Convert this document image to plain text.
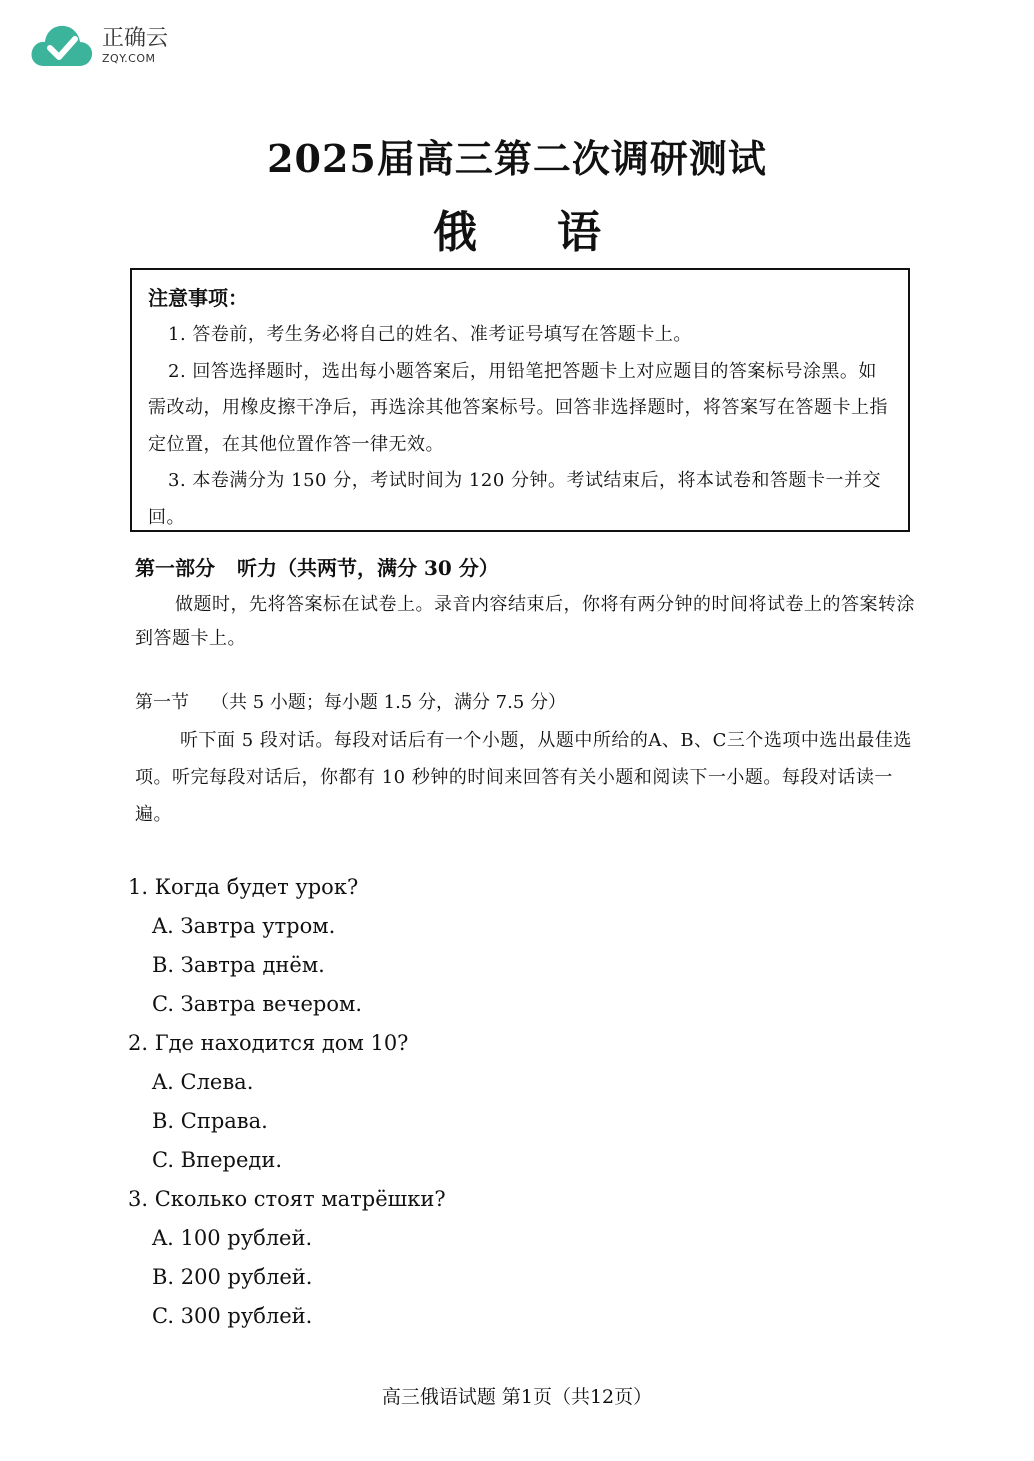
正确云
ZQY.COM
2025届高三第二次调研测试
俄语
注意事项：

1. 答卷前，考生务必将自己的姓名、准考证号填写在答题卡上。

2. 回答选择题时，选出每小题答案后，用铅笔把答题卡上对应题目的答案标号涂黑。如需改动，用橡皮擦干净后，再选涂其他答案标号。回答非选择题时，将答案写在答题卡上指定位置，在其他位置作答一律无效。

3. 本卷满分为 150 分，考试时间为 120 分钟。考试结束后，将本试卷和答题卡一并交回。

第一部分 听力（共两节，满分 30 分）
做题时，先将答案标在试卷上。录音内容结束后，你将有两分钟的时间将试卷上的答案转涂到答题卡上。
第一节 （共 5 小题；每小题 1.5 分，满分 7.5 分）
听下面 5 段对话。每段对话后有一个小题，从题中所给的A、B、C三个选项中选出最佳选项。听完每段对话后，你都有 10 秒钟的时间来回答有关小题和阅读下一小题。每段对话读一遍。
1. Когда будет урок?
A. Завтра утром.
B. Завтра днём.
C. Завтра вечером.
2. Где находится дом 10?
A. Слева.
B. Справа.
C. Впереди.
3. Сколько стоят матрёшки?
A. 100 рублей.
B. 200 рублей.
C. 300 рублей.
高三俄语试题 第1页（共12页）
